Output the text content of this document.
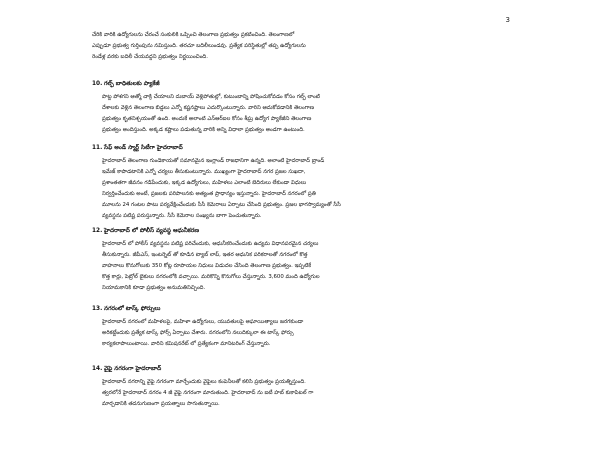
3

చేరికి వారికి ఉద్యోగులను చేరంచే సంకులికి ఒప్పించి తెలంగాణ ప్రభుత్వం ప్రకటించింది. తెలంగాణలో
ఎప్పుడూ ప్రభుత్వ గుర్తింపును నమిస్తుంది. తరచూ బదిలీలుండవు. ప్రత్యేక పరిస్థితుల్లో తప్ప ఉద్యోగులను
రెండేళ్ల వరకు బదిలీ చేయవద్దని ప్రభుత్వం నిర్ణయించింది.

10. గల్ఫ్ బాధితులకు ప్యాకేజీ

పొట్ట పోశగని ఆత్మో చాక్రి చేయాలని దుబాయ్ వెళ్లిపోతుల్లో, కుటుంబాన్ని పోషించుకోవడం కోసం గల్ఫ్ లాంటి
దేశాలకు వెళ్లిన తెలంగాణ బిడ్డలు ఎన్నో కష్టనష్టాలు ఎదుర్కొంటున్నారు. వారిని ఆదుకోవడానికి తెలంగాణ
ప్రభుత్వం కృతనిశ్చయంతో ఉంది. అందుకే అలాంటి ఎన్ఆర్ఐల కోసం శీఘ్ర ఉద్యోగ ప్యాకేజీని తెలంగాణ
ప్రభుత్వం అందిస్తుంది. అక్కడ కష్టాలు పడుతున్న వారికి అన్ని విధాలా ప్రభుత్వం అండగా ఉంటుంది.

11. సేఫ్ అండ్ స్మార్ట్ సిటీగా హైదరాబాద్

హైదరాబాద్ తెలంగాణ గుండెకాయతో సమానమైన ఇంగ్లాండ్ రాజధానిగా ఉన్నది. అలాంటి హైదరాబాద్ బ్రాండ్
ఇమేజ్ కాపాడటానికి ఎన్నో చర్యలు తీసుకుంటున్నారు. ముఖ్యంగా హైదరాబాద్ నగర ప్రజల సుఖదా,
ప్రశాంతతగా జీవనం గడిపేందుకు, ఇక్కడ ఉద్యోగులు, మహిళలు ఎలాంటి బెదిరులు లేకుండా విధులు
నిర్వర్తించేందుకు అంటే, ప్రజలకు పరిపాలనకు అత్యంత ప్రాధాన్యం ఇస్తున్నారు. హైదరాబాద్ నగరంలో ప్రతి
మూలను 24 గంటల పాటు పర్యవేక్షించేందుకు సీసీ కెమెరాలు ఏర్పాటు చేసింది ప్రభుత్వం. ప్రజల భాగస్వామ్యంతో సీసీ
వ్యవస్థను పటిష్ట పరుస్తున్నారు. సీసీ కెమెరాల సంఖ్యను బాగా పెంచుతున్నారు.

12. హైదరాబాద్ లో పోలీస్ వ్యవస్థ ఆధునీకరణ

హైదరాబాద్ లో పోలీస్ వ్యవస్థను పటిష్ట పరిచేందుకు, ఆధునీకరించేందుకు ఉద్యమ విధానపరమైన చర్యలు
తీసుకున్నారు. జీపీఎస్, ఇంటర్నెట్ తో కూడిన ట్యాబ్ లాప్, ఇతర ఆధునిక పరికరాలతో నగరంలో కొత్త
వాహనాలు కొనుగోలుకు 350 కోట్ల రూపాయల నిధులు విడుదల చేసింది తెలంగాణ ప్రభుత్వం. ఇప్పటికే
కొత్త కార్లు, పెట్రోల్ బైకులు నగరంలోకి వచ్చాయి. మరికొన్ని కొనుగోలు చేస్తున్నారు. 3,600 మంది ఉద్యోగుల
నియామకానికి కూడా ప్రభుత్వం అనుమతినిచ్చింది.

13. నగరంలో టాస్క్ ఫోర్సులు

హైదరాబాద్ నగరంలో మహిళలపై, మహిళా ఉద్యోగులు, యువతులపై అఘాయిత్యాలు జరగకుండా
అరికట్టేందుకు ప్రత్యేక టాస్క్ ఫోర్స్ ఏర్పాటు చేశారు. నగరంలోని నలుదిక్కులా ఈ టాస్క్ ఫోర్సు
కార్యకలాపాలుంటాయి. వారిని కమిషనరేట్ లో ప్రత్యేకంగా మానిటరింగ్ చేస్తున్నారు.

14. వైఫై నగరంగా హైదరాబాద్

హైదరాబాద్ నగరాన్ని వైఫై నగరంగా మార్చేందుకు వైఫైలు కంపెనీలతో కలిసి ప్రభుత్వం ప్రయత్నిస్తుంది.
త్వరలోనే హైదరాబాద్ నగరం 4 జీ వైఫై నగరంగా మారుతుంది. హైదరాబాద్ ను ఐటీ హబ్ కుకాపిటల్ గా
మార్చడానికి తదనుగుణంగా ప్రయత్నాలు సాగుతున్నాయి.
